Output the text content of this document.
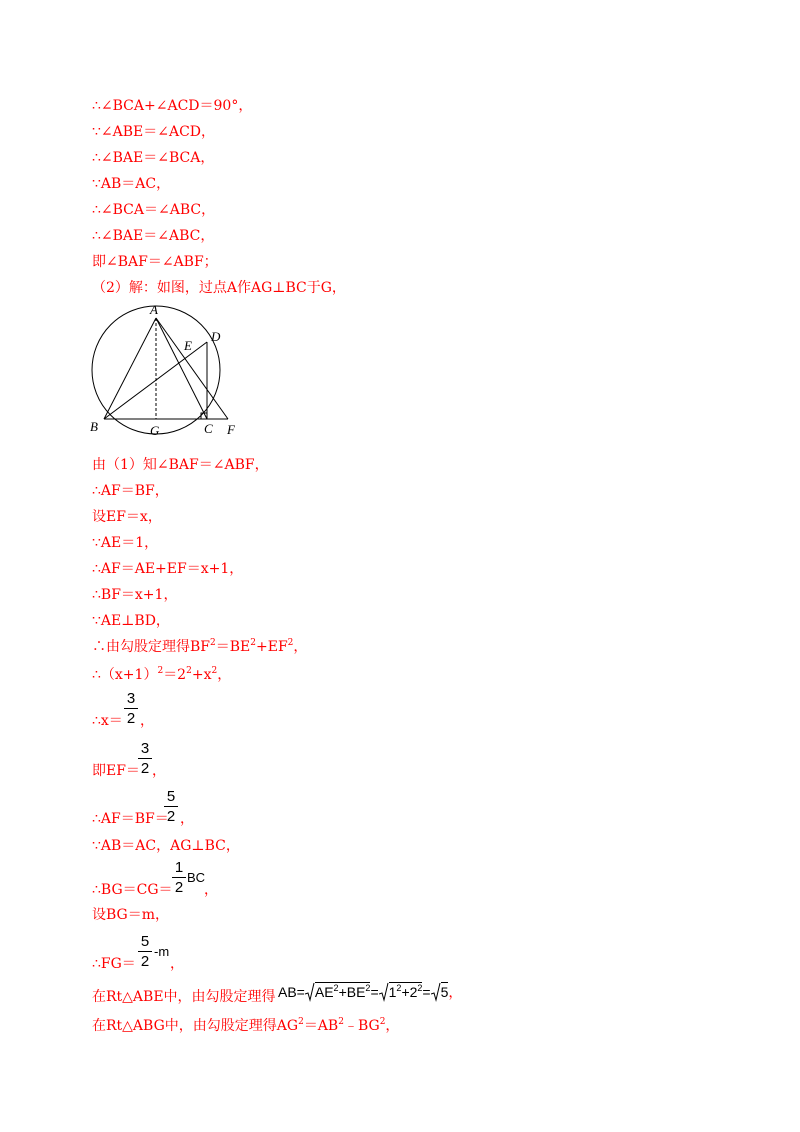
∴∠BCA+∠ACD＝90°，
∵∠ABE＝∠ACD，
∴∠BAE＝∠BCA，
∵AB＝AC，
∴∠BCA＝∠ABC，
∴∠BAE＝∠ABC，
即∠BAF＝∠ABF；
（2）解：如图，过点A作AG⊥BC于G，
A
D
E
B	G	C F
由（1）知∠BAF＝∠ABF，
∴AF＝BF，
设EF＝x，
∵AE＝1，
∴AF＝AE+EF＝x+1，
∴BF＝x+1，
∵AE⊥BD，
∴由勾股定理得$BF^2=BE^2+EF^2$，
$\therefore(x+1)^2=2^2+x^2$，
∴x＝
3
2 ，
即EF＝
3
2 ，
∴AF＝BF＝
5
2 ，
∵AB＝AC，AG⊥BC，
∴BG＝CG＝
1
2
BC
，
设BG＝m，
∴FG＝
5
2
-m
，
在Rt△ABE中，由勾股定理得 $AB= AE^2+BE^2= 1^2+2^2= 5$，
在Rt△ABG中，由勾股定理得$AG^2=AB^2﹣BG^2$，
